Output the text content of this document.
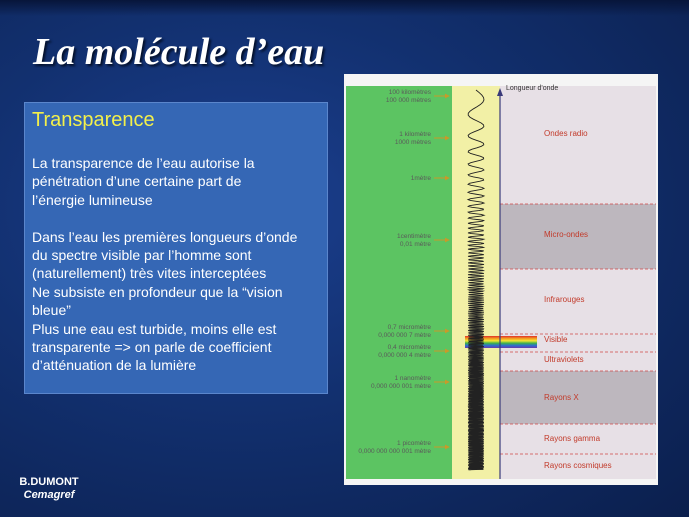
La molécule d’eau
Transparence

La transparence de l’eau autorise la
pénétration d’une certaine part de
l’énergie lumineuse

Dans l’eau les premières longueurs d’onde
du spectre visible par l’homme sont
(naturellement) très vites interceptées
Ne subsiste en profondeur que la “vision
bleue”
Plus une eau est turbide, moins elle est
transparente => on parle de coefficient
d’atténuation de la lumière

B.DUMONT
Cemagref
Longueur d'onde
100 kilomètres
100 000 mètres
1 kilomètre
1000 mètres
1mètre
1centimètre
0,01 mètre
0,7 micromètre
0,000 000 7 mètre
0,4 micromètre
0,000 000 4 mètre
1 nanomètre
0,000 000 001 mètre
1 picomètre
0,000 000 000 001 mètre
Ondes radio
Micro-ondes
Infrarouges
Visible
Ultraviolets
Rayons X
Rayons gamma
Rayons cosmiques
